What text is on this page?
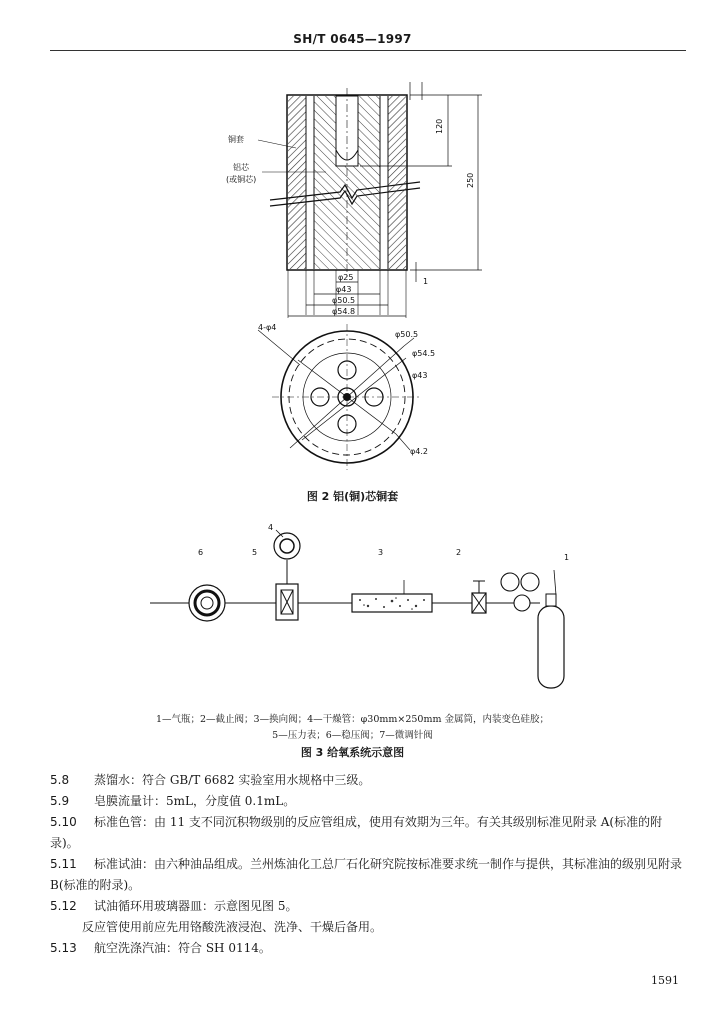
SH/T 0645—1997
铜套
铝芯
(或铜芯)
120
250
1
φ25
φ43
φ50.5
φ54.8
4-φ4
φ50.5
φ54.5
φ43
φ4.2
1
2
3
4
5
6
图 2 铝(铜)芯铜套
1—气瓶；2—截止阀；3—换向阀；4—干燥管：φ30mm×250mm 金属筒，内装变色硅胶；
5—压力表；6—稳压阀；7—微调针阀
图 3 给氧系统示意图

5.8 蒸馏水：符合 GB/T 6682 实验室用水规格中三级。

5.9 皂膜流量计：5mL，分度值 0.1mL。

5.10 标准色管：由 11 支不同沉积物级别的反应管组成，使用有效期为三年。有关其级别标准见附录 A(标准的附录)。

5.11 标准试油：由六种油品组成。兰州炼油化工总厂石化研究院按标准要求统一制作与提供，其标准油的级别见附录 B(标准的附录)。

5.12 试油循环用玻璃器皿：示意图见图 5。

反应管使用前应先用铬酸洗液浸泡、洗净、干燥后备用。

5.13 航空洗涤汽油：符合 SH 0114。

1591
